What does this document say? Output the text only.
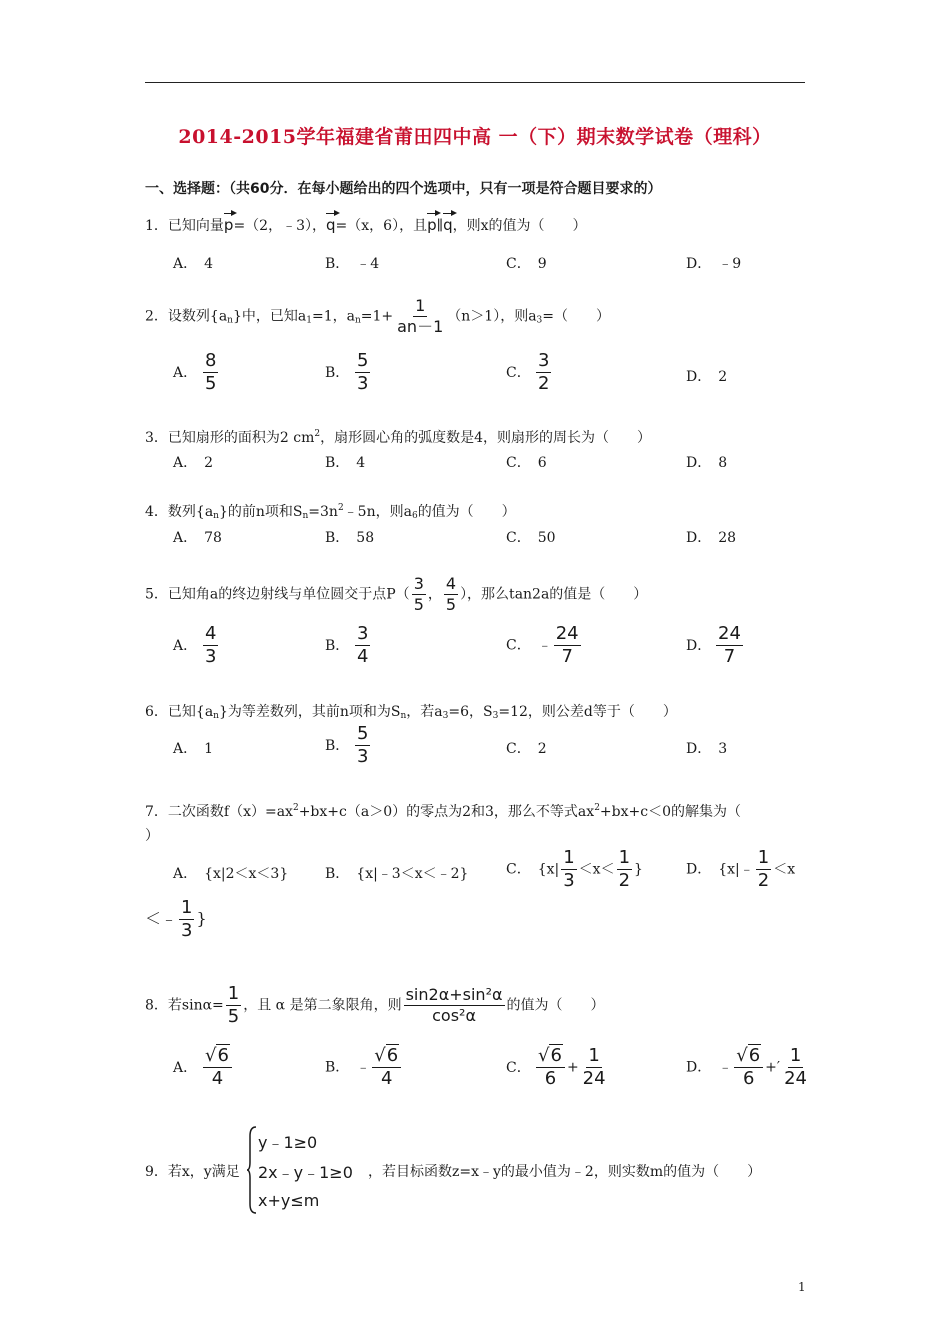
2014-2015学年福建省莆田四中高 一（下）期末数学试卷（理科）
一、选择题：（共60分．在每小题给出的四个选项中，只有一项是符合题目要求的）
1．已知向量p=（2，﹣3），q=（x，6），且p∥q，则x的值为（　　）
A．　4	B．　﹣4	C．　9	D．　﹣9
2．设数列$\{a_n\}$中，已知$a_1=1$，$a_n=1+ \frac{1}{an-1} (n>1)$，则$a_3=$（　　）
A． $\frac{8}{5}$	B． $\frac{5}{3}$	C． $\frac{3}{2}$	D．　2
3．已知扇形的面积为2 $cm^2$，扇形圆心角的弧度数是4，则扇形的周长为（　　）
A．　2	B．　4	C．　6	D．　8
4．数列$\{a_n\}$的前n项和$S_n=3n^2﹣5n$，则$a_6$的值为（　　）
A．　78	B．　58	C．　50	D．　28
5．已知角a的终边射线与单位圆交于点$P( \frac{3}{5}$ ， $\frac{4}{5}$ ），那么tan2a的值是（　　）
A． $\frac{4}{3}$	B． $\frac{3}{4}$	C．　﹣ $\frac{24}{7}$	D． $\frac{24}{7}$
6．已知$\{a_n\}$为等差数列，其前n项和为$S_n$，若$a_3=6$，$S_3=12$，则公差d等于（　　）
A．　1	B． $\frac{5}{3}$	C．　2	D．　3
7．二次函数$f(x)=ax^2+bx+c(a>0)$的零点为2和3，那么不等式$ax^2+bx+c<0$的解集为（
）
A．　{x|2＜x＜3}	B．　{x|﹣3＜x＜﹣2}	C．　{$x| \frac{1}{3} <x< \frac{1}{2}$ }	D．　{x|﹣ $\frac{1}{2} <x$
＜﹣ $\frac{1}{3}$ }
8．若$\sin\alpha= \frac{1}{5}$ ，且 α 是第二象限角，则 $\frac{\text{sin2α+sin²α}}{\text{cos²α}}$ 的值为（　　）
A． $\frac{√6}{4}$	B．　﹣ $\frac{√6}{4}$	C． $\frac{√6}{6} + \frac{1}{24}$	D．　﹣ $\frac{√6}{6}$ +′ $\frac{1}{24}$
9．若x，y满足
y﹣1≥0
2x﹣y﹣1≥0
x+y≤m
，若目标函数z=x﹣y的最小值为﹣2，则实数m的值为（　　）
1
